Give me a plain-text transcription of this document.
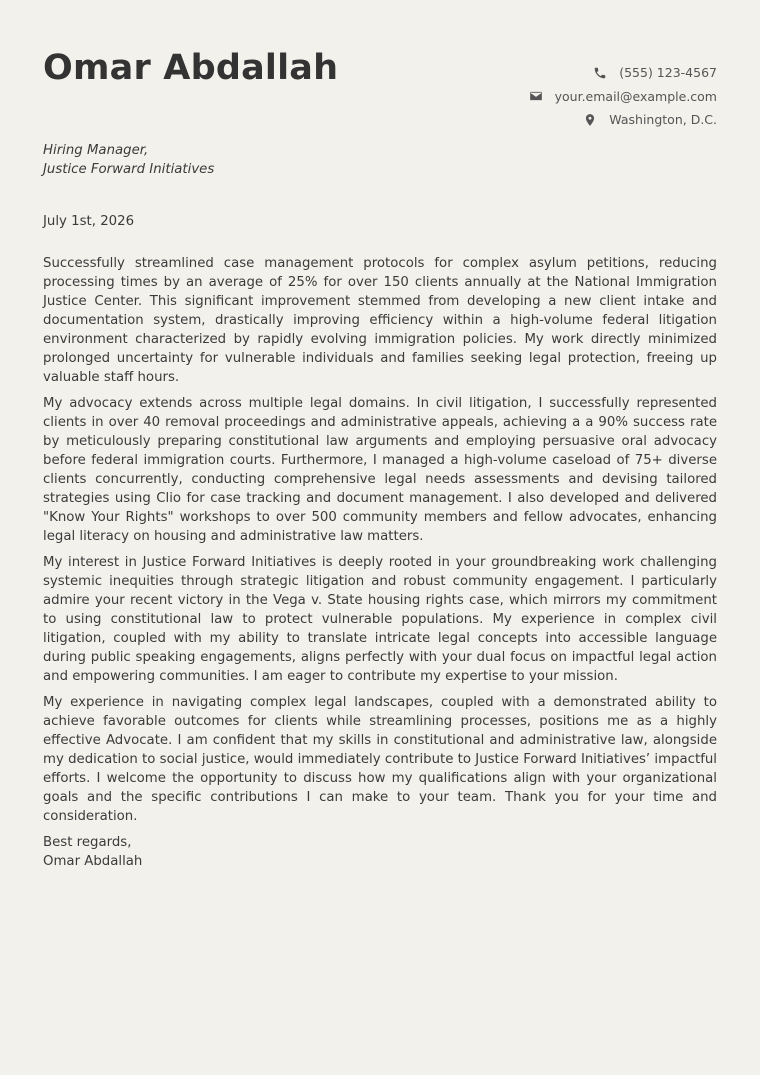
Omar Abdallah	(555) 123-4567
your.email@example.com
Washington, D.C.
Hiring Manager,
Justice Forward Initiatives
July 1st, 2026

Successfully streamlined case management protocols for complex asylum petitions, reducing processing times by an average of 25% for over 150 clients annually at the National Immigration Justice Center. This significant improvement stemmed from developing a new client intake and documentation system, drastically improving efficiency within a high-volume federal litigation environment characterized by rapidly evolving immigration policies. My work directly minimized prolonged uncertainty for vulnerable individuals and families seeking legal protection, freeing up valuable staff hours.

My advocacy extends across multiple legal domains. In civil litigation, I successfully represented clients in over 40 removal proceedings and administrative appeals, achieving a a 90% success rate by meticulously preparing constitutional law arguments and employing persuasive oral advocacy before federal immigration courts. Furthermore, I managed a high-volume caseload of 75+ diverse clients concurrently, conducting comprehensive legal needs assessments and devising tailored strategies using Clio for case tracking and document management. I also developed and delivered "Know Your Rights" workshops to over 500 community members and fellow advocates, enhancing legal literacy on housing and administrative law matters.

My interest in Justice Forward Initiatives is deeply rooted in your groundbreaking work challenging systemic inequities through strategic litigation and robust community engagement. I particularly admire your recent victory in the Vega v. State housing rights case, which mirrors my commitment to using constitutional law to protect vulnerable populations. My experience in complex civil litigation, coupled with my ability to translate intricate legal concepts into accessible language during public speaking engagements, aligns perfectly with your dual focus on impactful legal action and empowering communities. I am eager to contribute my expertise to your mission.

My experience in navigating complex legal landscapes, coupled with a demonstrated ability to achieve favorable outcomes for clients while streamlining processes, positions me as a highly effective Advocate. I am confident that my skills in constitutional and administrative law, alongside my dedication to social justice, would immediately contribute to Justice Forward Initiatives’ impactful efforts. I welcome the opportunity to discuss how my qualifications align with your organizational goals and the specific contributions I can make to your team. Thank you for your time and consideration.

Best regards,
Omar Abdallah
